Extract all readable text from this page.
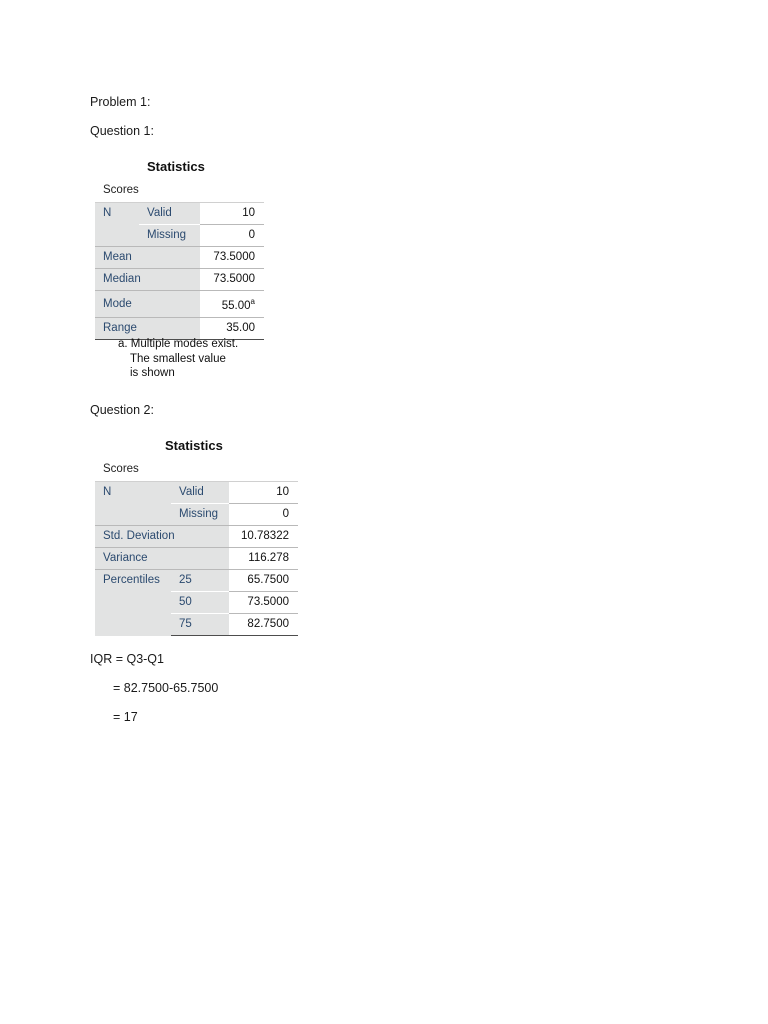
Problem 1:
Question 1:
Statistics
Scores
N	Valid	10
	Missing	0
Mean		73.5000
Median		73.5000
Mode		55.00$^a$
Range		35.00
a. Multiple modes exist.
The smallest value
is shown
Question 2:
Statistics
Scores
N	Valid	10
	Missing	0
Std. Deviation		10.78322
Variance		116.278
Percentiles	25	65.7500
	50	73.5000
	75	82.7500
IQR = Q3-Q1
= 82.7500-65.7500
= 17
